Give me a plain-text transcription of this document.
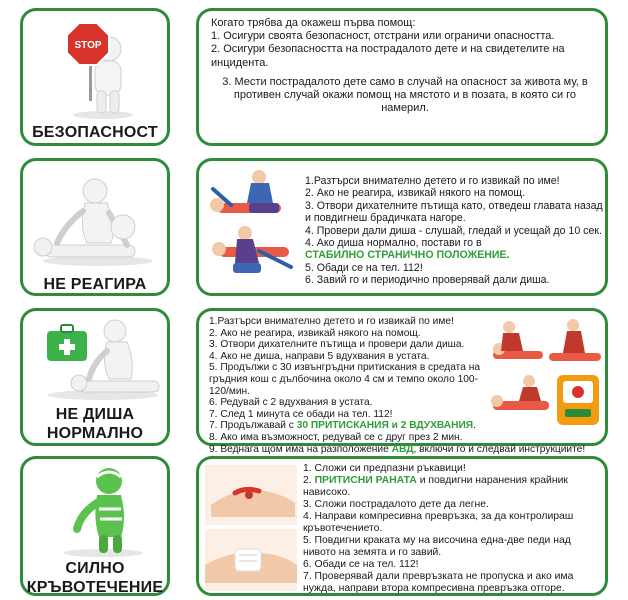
STOP
БЕЗОПАСНОСТ

Когато трябва да окажеш първа помощ:

1. Осигури своята безопасност, отстрани или ограничи опасността.

2. Осигури безопасността на пострадалото дете и на свидетелите на инцидента.

3. Мести пострадалото дете само в случай на опасност за живота му, в противен случай окажи помощ на мястото и в позата, в която си го намерил.

НЕ РЕАГИРА

1.Разтърси внимателно детето и го извикай по име!

2. Ако не реагира, извикай някого на помощ.

3. Отвори дихателните пътища като, отведеш главата назад и повдигнеш брадичката нагоре.

4. Провери дали диша - слушай, гледай и усещай до 10 сек.

4. Ако диша нормално, постави го в

СТАБИЛНО СТРАНИЧНО ПОЛОЖЕНИЕ.

5. Обади се на тел. 112!

6. Завий го и периодично проверявай дали диша.

НЕ ДИША
НОРМАЛНО

1.Разтърси внимателно детето и го извикай по име!

2. Ако не реагира, извикай някого на помощ.

3. Отвори дихателните пътища и провери дали диша.

4. Ако не диша, направи 5 вдухвания в устата.

5. Продължи с 30 извънгръдни притискания в средата на гръдния кош с дълбочина около 4 см и темпо около 100-120/мин.

6. Редувай с 2 вдухвания в устата.

7. След 1 минута се обади на тел. 112!

7. Продължавай с 30 ПРИТИСКАНИЯ и 2 ВДУХВАНИЯ.

8. Ако има възможност, редувай се с друг през 2 мин.

9. Веднага щом има на разположение АВД, включи го и следвай инструкциите!

СИЛНО
КРЪВОТЕЧЕНИЕ

1. Сложи си предпазни ръкавици!

2. ПРИТИСНИ РАНАТА и повдигни наранения крайник нависоко.

3. Сложи пострадалото дете да легне.

4. Направи компресивна превръзка, за да контролираш кръвотечението.

5. Повдигни краката му на височина една-две педи над нивото на земята и го завий.

6. Обади се на тел. 112!

7. Проверявай дали превръзката не пропуска и ако има нужда, направи втора компресивна превръзка отгоре.
